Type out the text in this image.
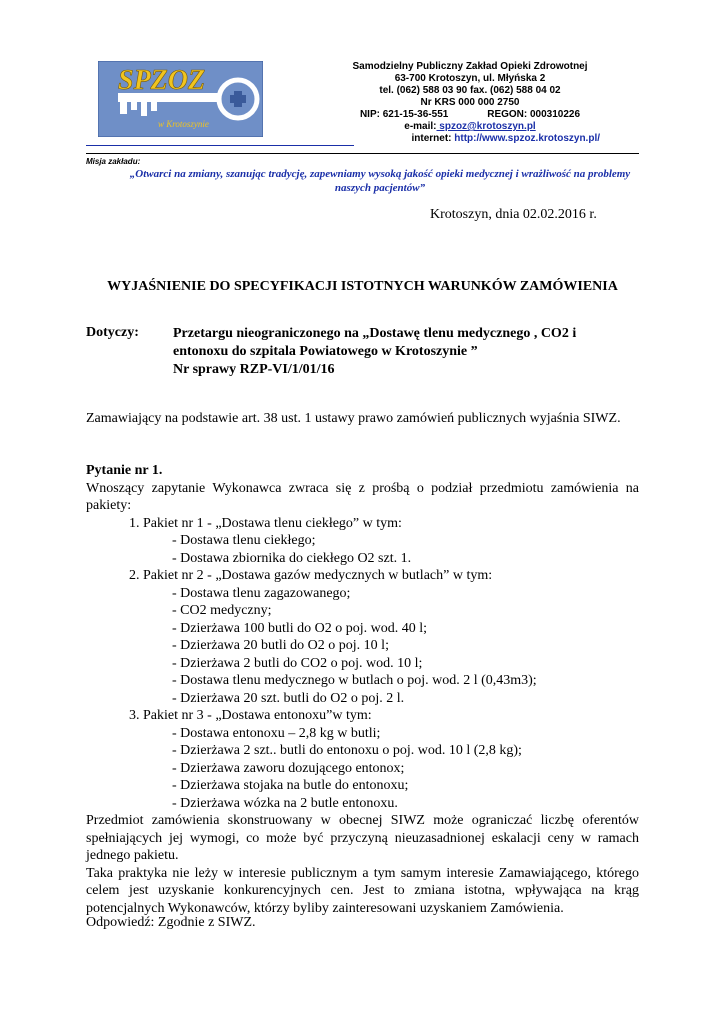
SPZOZ
w Krotoszynie
Samodzielny Publiczny Zakład Opieki Zdrowotnej
63-700 Krotoszyn, ul. Młyńska 2
tel. (062) 588 03 90 fax. (062) 588 04 02
Nr KRS 000 000 2750
NIP: 621-15-36-551              REGON: 000310226
e-mail: spzoz@krotoszyn.pl
internet: http://www.spzoz.krotoszyn.pl/
Misja zakładu:
„Otwarci na zmiany, szanując tradycję, zapewniamy wysoką jakość opieki medycznej i wrażliwość na problemy naszych pacjentów”
Krotoszyn, dnia 02.02.2016 r.
WYJAŚNIENIE DO SPECYFIKACJI ISTOTNYCH WARUNKÓW ZAMÓWIENIA
Dotyczy: Przetargu nieograniczonego na „Dostawę tlenu medycznego , CO2 i
entonoxu do szpitala Powiatowego w Krotoszynie ”
Nr sprawy RZP-VI/1/01/16
Zamawiający na podstawie art. 38 ust. 1 ustawy prawo zamówień publicznych wyjaśnia SIWZ.
Pytanie nr 1.
Wnoszący zapytanie Wykonawca zwraca się z prośbą o podział przedmiotu zamówienia na pakiety:
1. Pakiet nr 1 - „Dostawa tlenu ciekłego” w tym:
- Dostawa tlenu ciekłego;
- Dostawa zbiornika do ciekłego O2 szt. 1.
2. Pakiet nr 2 - „Dostawa gazów medycznych w butlach” w tym:
- Dostawa tlenu zagazowanego;
- CO2 medyczny;
- Dzierżawa 100 butli do O2 o poj. wod. 40 l;
- Dzierżawa 20 butli do O2 o poj. 10 l;
- Dzierżawa 2 butli do CO2 o poj. wod. 10 l;
- Dostawa tlenu medycznego w butlach o poj. wod. 2 l (0,43m3);
- Dzierżawa 20 szt. butli do O2 o poj. 2 l.
3. Pakiet nr 3 - „Dostawa entonoxu”w tym:
- Dostawa entonoxu – 2,8 kg w butli;
- Dzierżawa 2 szt.. butli do entonoxu o poj. wod. 10 l (2,8 kg);
- Dzierżawa zaworu dozującego entonox;
- Dzierżawa stojaka na butle do entonoxu;
- Dzierżawa wózka na 2 butle entonoxu.
Przedmiot zamówienia skonstruowany w obecnej SIWZ może ograniczać liczbę oferentów spełniających jej wymogi, co może być przyczyną nieuzasadnionej eskalacji ceny w ramach jednego pakietu.
Taka praktyka nie leży w interesie publicznym a tym samym interesie Zamawiającego, którego celem jest uzyskanie konkurencyjnych cen. Jest to zmiana istotna, wpływająca na krąg potencjalnych Wykonawców, którzy byliby zainteresowani uzyskaniem Zamówienia.
Odpowiedź: Zgodnie z SIWZ.
